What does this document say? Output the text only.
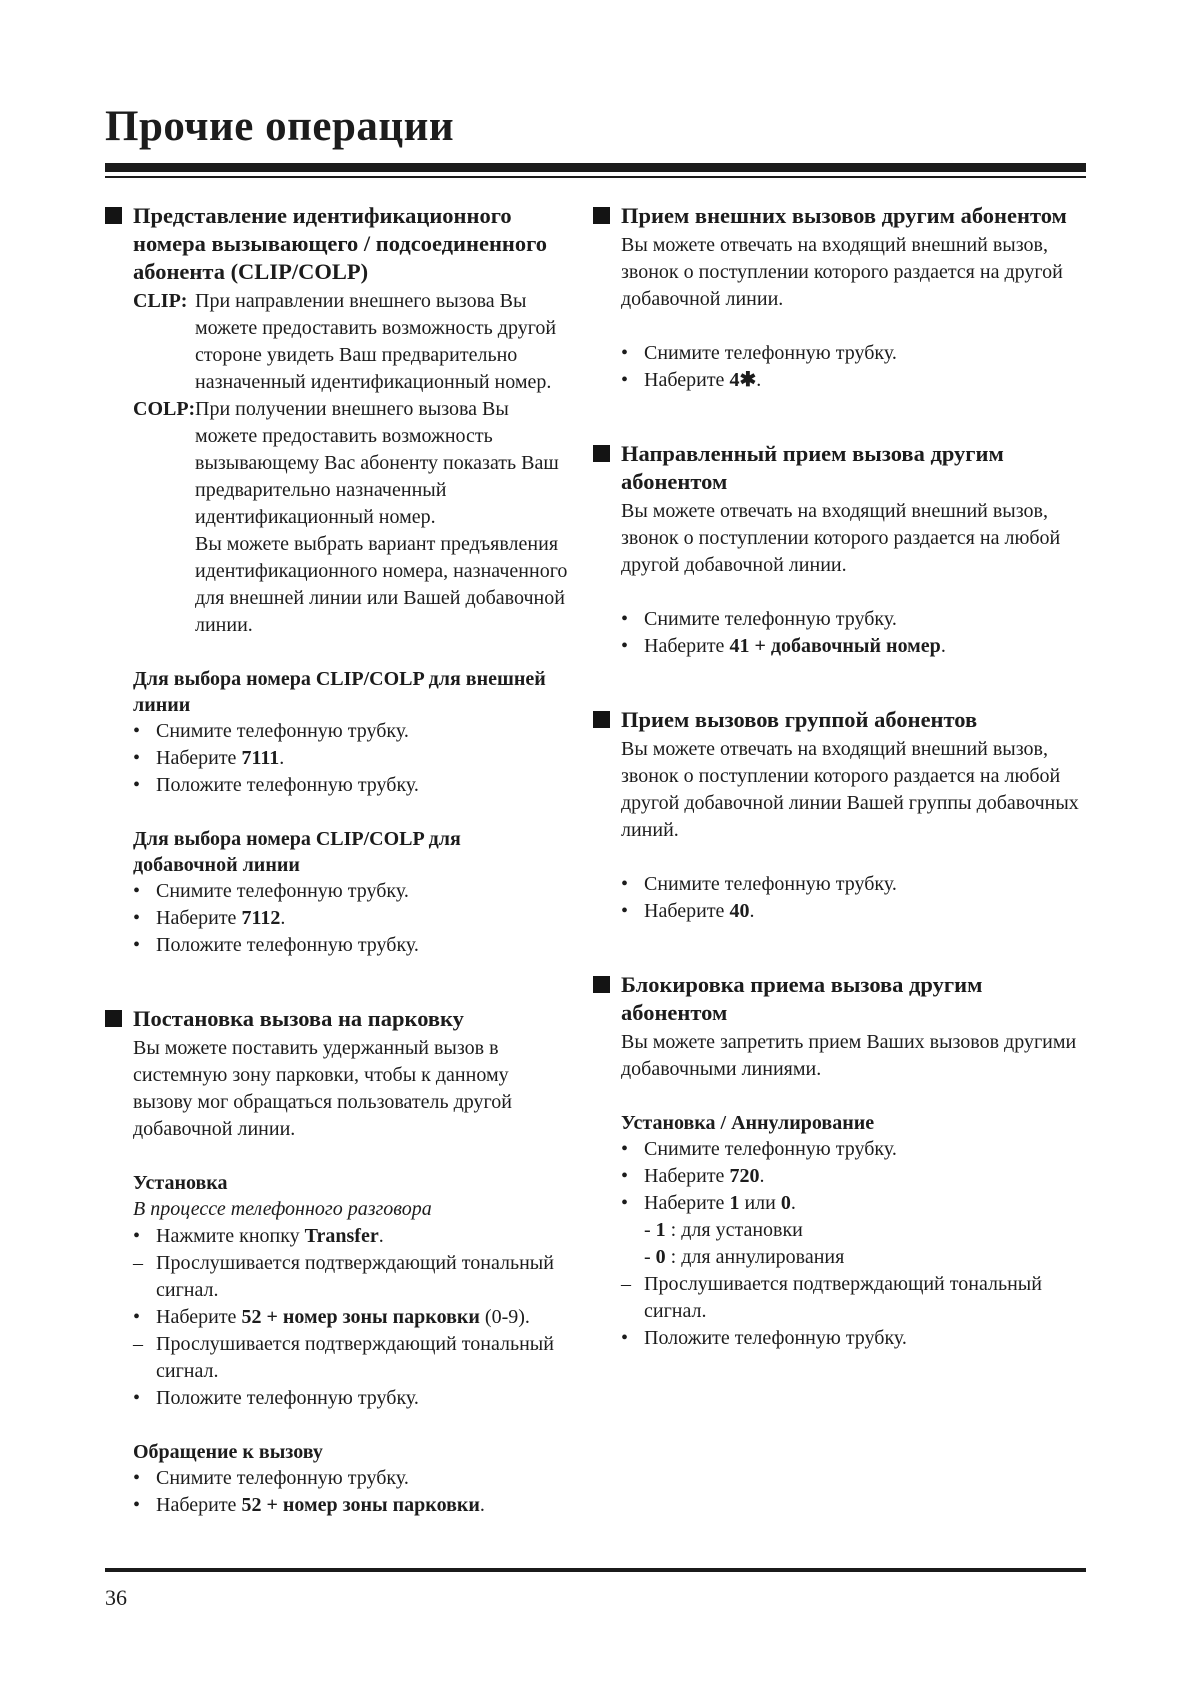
Прочие операции
Представление идентификационного номера вызывающего / подсоединенного абонента (CLIP/COLP)
CLIP: При направлении внешнего вызова Вы можете предоставить возможность другой стороне увидеть Ваш предварительно назначенный идентификационный номер.

COLP: При получении внешнего вызова Вы можете предоставить возможность вызывающему Вас абоненту показать Ваш предварительно назначенный идентификационный номер.

Вы можете выбрать вариант предъявления идентификационного номера, назначенного для внешней линии или Вашей добавочной линии.

Для выбора номера CLIP/COLP для внешней линии

• Снимите телефонную трубку.
• Наберите 7111.
• Положите телефонную трубку.

Для выбора номера CLIP/COLP для добавочной линии

• Снимите телефонную трубку.
• Наберите 7112.
• Положите телефонную трубку.
Постановка вызова на парковку

Вы можете поставить удержанный вызов в системную зону парковки, чтобы к данному вызову мог обращаться пользователь другой добавочной линии.

Установка

В процессе телефонного разговора

• Нажмите кнопку Transfer.
– Прослушивается подтверждающий тональный сигнал.
• Наберите 52 + номер зоны парковки (0-9).
– Прослушивается подтверждающий тональный сигнал.
• Положите телефонную трубку.

Обращение к вызову

• Снимите телефонную трубку.
• Наберите 52 + номер зоны парковки.
Прием внешних вызовов другим абонентом

Вы можете отвечать на входящий внешний вызов, звонок о поступлении которого раздается на другой добавочной линии.

• Снимите телефонную трубку.
• Наберите 4✱.
Направленный прием вызова другим абонентом

Вы можете отвечать на входящий внешний вызов, звонок о поступлении которого раздается на любой другой добавочной линии.

• Снимите телефонную трубку.
• Наберите 41 + добавочный номер.
Прием вызовов группой абонентов

Вы можете отвечать на входящий внешний вызов, звонок о поступлении которого раздается на любой другой добавочной линии Вашей группы добавочных линий.

• Снимите телефонную трубку.
• Наберите 40.
Блокировка приема вызова другим абонентом

Вы можете запретить прием Ваших вызовов другими добавочными линиями.

Установка / Аннулирование

• Снимите телефонную трубку.
• Наберите 720.
• Наберите 1 или 0.
- 1 : для установки
- 0 : для аннулирования
– Прослушивается подтверждающий тональный сигнал.
• Положите телефонную трубку.

36
